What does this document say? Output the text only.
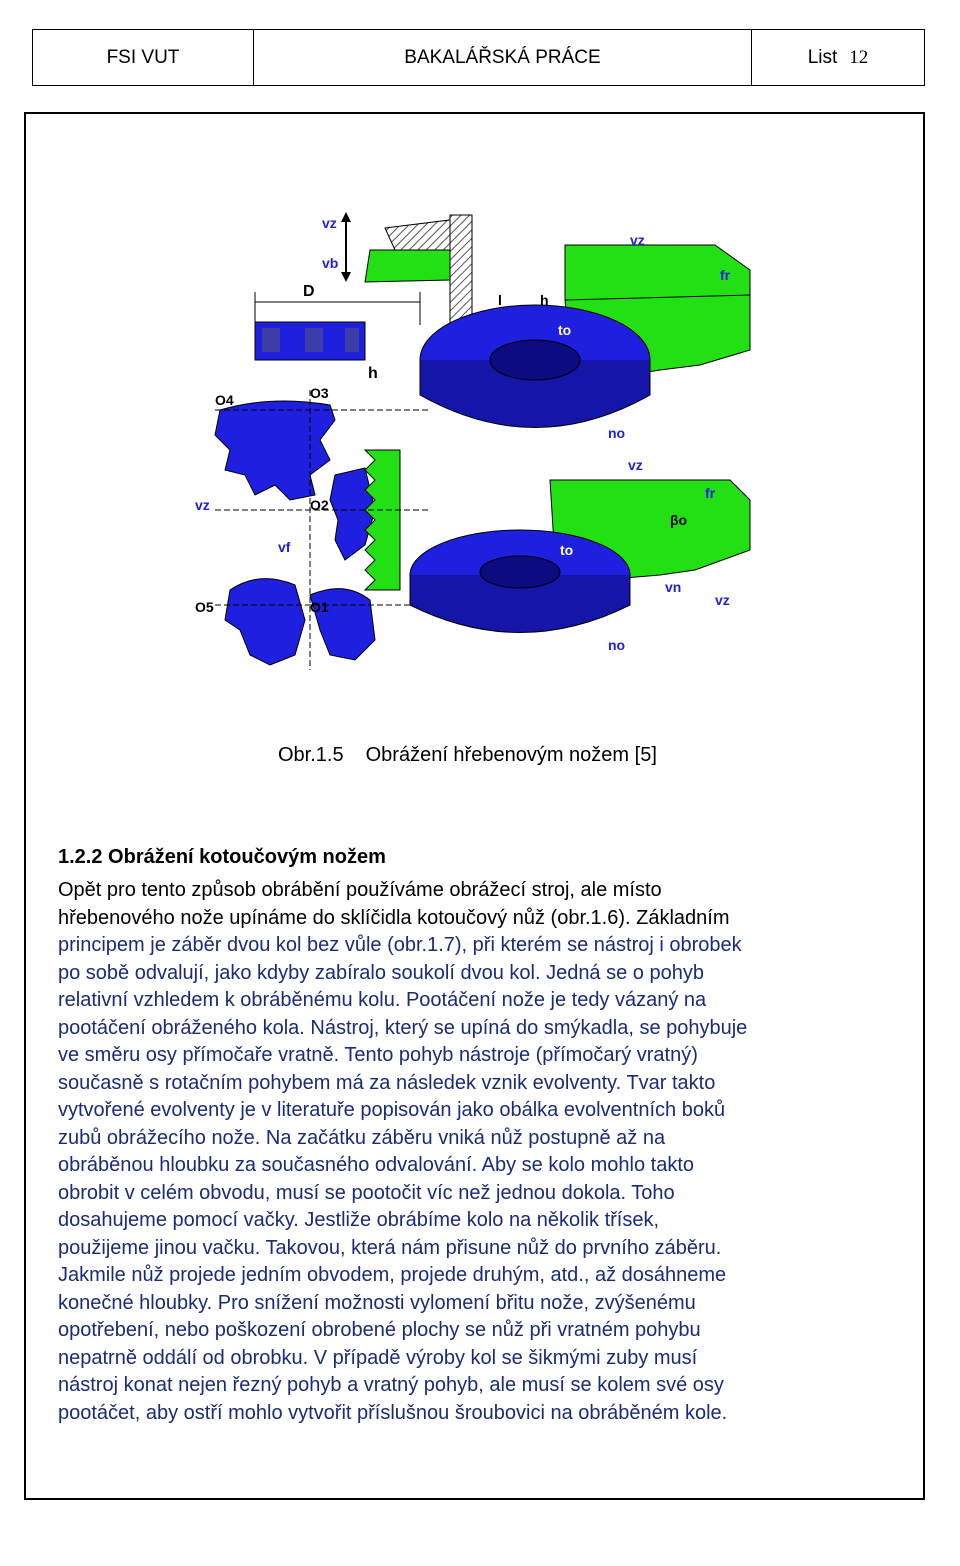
FSI VUT	BAKALÁŘSKÁ PRÁCE	List 12
vz
vb
D
h
O4	O3
O2
O1
O5
vz
vf
vz
fr
vf
no
to
l	h
vz
fr
βo
vf
vn
vz
no
to
Obr.1.5 Obrážení hřebenovým nožem [5]
1.2.2 Obrážení kotoučovým nožem
Opět pro tento způsob obrábění používáme obrážecí stroj, ale místo
hřebenového nože upínáme do sklíčidla kotoučový nůž (obr.1.6). Základním
principem je záběr dvou kol bez vůle (obr.1.7), při kterém se nástroj i obrobek
po sobě odvalují, jako kdyby zabíralo soukolí dvou kol. Jedná se o pohyb
relativní vzhledem k obráběnému kolu. Pootáčení nože je tedy vázaný na
pootáčení obráženého kola. Nástroj, který se upíná do smýkadla, se pohybuje
ve směru osy přímočaře vratně. Tento pohyb nástroje (přímočarý vratný)
současně s rotačním pohybem má za následek vznik evolventy. Tvar takto
vytvořené evolventy je v literatuře popisován jako obálka evolventních boků
zubů obrážecího nože. Na začátku záběru vniká nůž postupně až na
obráběnou hloubku za současného odvalování. Aby se kolo mohlo takto
obrobit v celém obvodu, musí se pootočit víc než jednou dokola. Toho
dosahujeme pomocí vačky. Jestliže obrábíme kolo na několik třísek,
použijeme jinou vačku. Takovou, která nám přisune nůž do prvního záběru.
Jakmile nůž projede jedním obvodem, projede druhým, atd., až dosáhneme
konečné hloubky. Pro snížení možnosti vylomení břitu nože, zvýšenému
opotřebení, nebo poškození obrobené plochy se nůž při vratném pohybu
nepatrně oddálí od obrobku. V případě výroby kol se šikmými zuby musí
nástroj konat nejen řezný pohyb a vratný pohyb, ale musí se kolem své osy
pootáčet, aby ostří mohlo vytvořit příslušnou šroubovici na obráběném kole.
